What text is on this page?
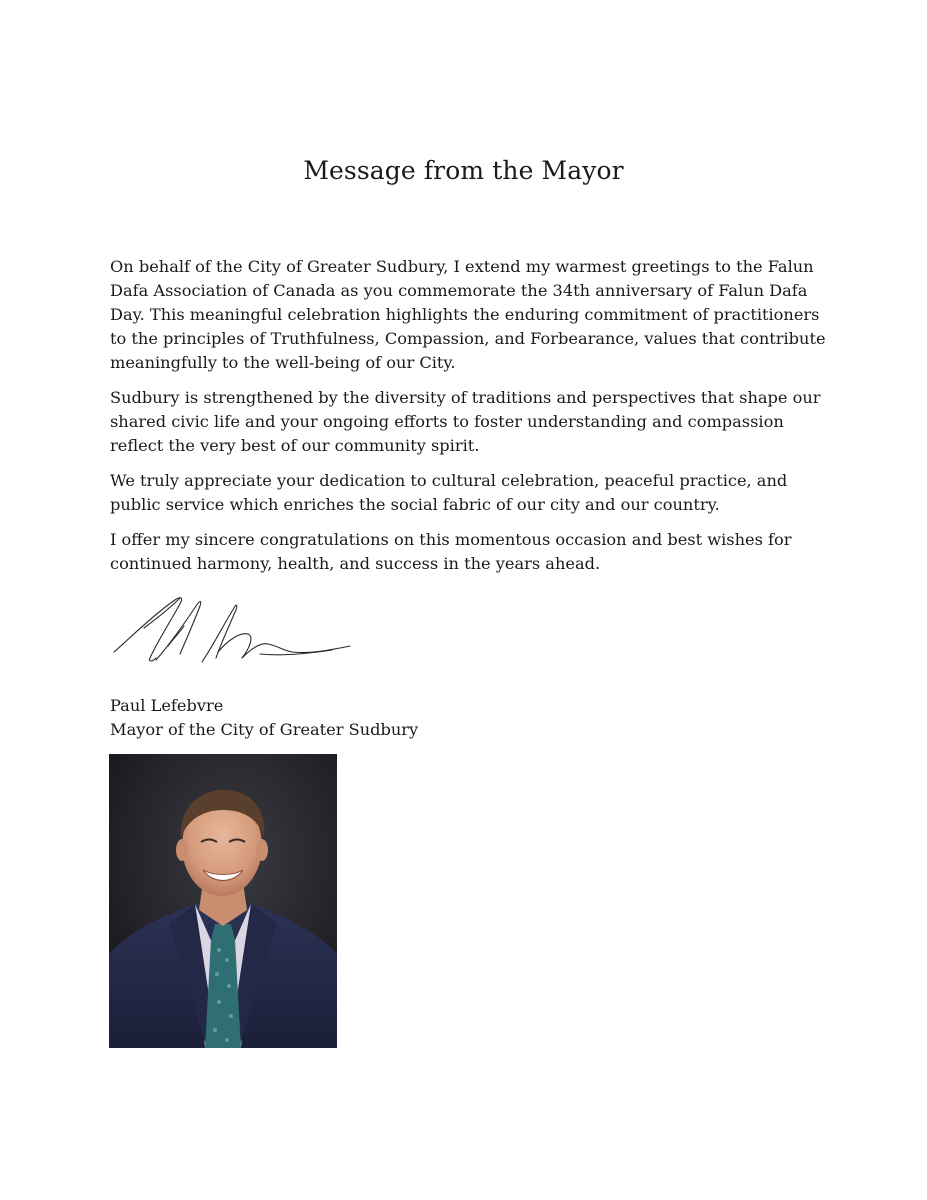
Message from the Mayor

On behalf of the City of Greater Sudbury, I extend my warmest greetings to the Falun Dafa Association of Canada as you commemorate the 34th anniversary of Falun Dafa Day. This meaningful celebration highlights the enduring commitment of practitioners to the principles of Truthfulness, Compassion, and Forbearance, values that contribute meaningfully to the well-being of our City.

Sudbury is strengthened by the diversity of traditions and perspectives that shape our shared civic life and your ongoing efforts to foster understanding and compassion reflect the very best of our community spirit.

We truly appreciate your dedication to cultural celebration, peaceful practice, and public service which enriches the social fabric of our city and our country.

I offer my sincere congratulations on this momentous occasion and best wishes for continued harmony, health, and success in the years ahead.

Paul Lefebvre
Mayor of the City of Greater Sudbury
